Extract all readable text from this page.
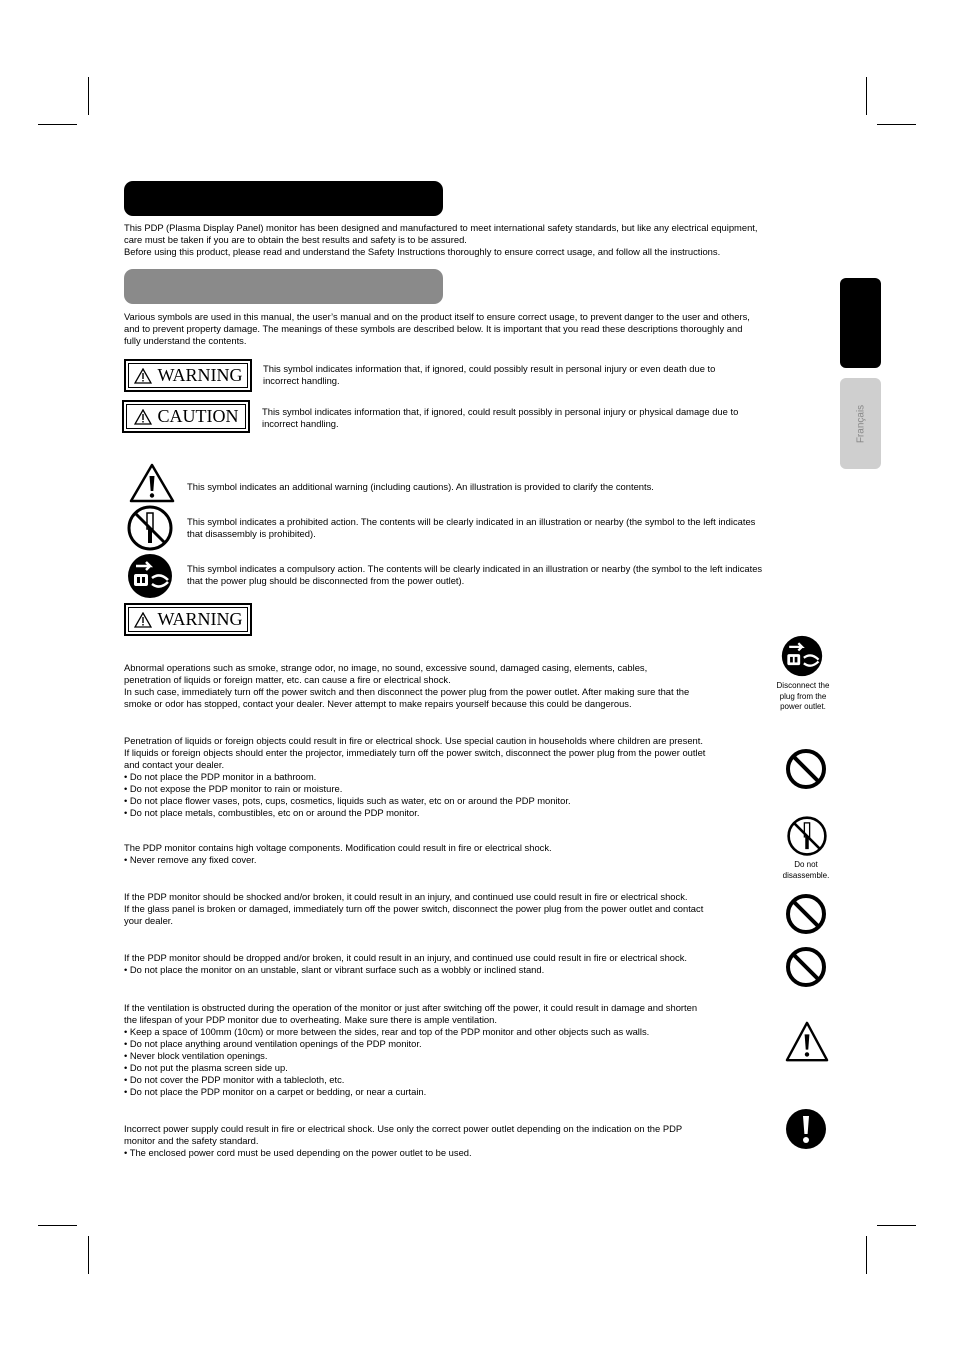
Français

This PDP (Plasma Display Panel) monitor has been designed and manufactured to meet international safety standards, but like any electrical equipment,

care must be taken if you are to obtain the best results and safety is to be assured.

Before using this product, please read and understand the Safety Instructions thoroughly to ensure correct usage, and follow all the instructions.

Various symbols are used in this manual, the user’s manual and on the product itself to ensure correct usage, to prevent danger to the user and others,

and to prevent property damage. The meanings of these symbols are described below. It is important that you read these descriptions thoroughly and

fully understand the contents.

WARNING This symbol indicates information that, if ignored, could possibly result in personal injury or even death due to

incorrect handling.

CAUTION	This symbol indicates information that, if ignored, could result possibly in personal injury or physical damage due to

incorrect handling.

This symbol indicates an additional warning (including cautions). An illustration is provided to clarify the contents.

This symbol indicates a prohibited action. The contents will be clearly indicated in an illustration or nearby (the symbol to the left indicates

that disassembly is prohibited).

This symbol indicates a compulsory action. The contents will be clearly indicated in an illustration or nearby (the symbol to the left indicates

that the power plug should be disconnected from the power outlet).

WARNING

Abnormal operations such as smoke, strange odor, no image, no sound, excessive sound, damaged casing, elements, cables,

penetration of liquids or foreign matter, etc. can cause a fire or electrical shock.

In such case, immediately turn off the power switch and then disconnect the power plug from the power outlet. After making sure that the

smoke or odor has stopped, contact your dealer. Never attempt to make repairs yourself because this could be dangerous.

Disconnect the
plug from the
power outlet.

Penetration of liquids or foreign objects could result in fire or electrical shock. Use special caution in households where children are present.

If liquids or foreign objects should enter the projector, immediately turn off the power switch, disconnect the power plug from the power outlet

and contact your dealer.

• Do not place the PDP monitor in a bathroom.
• Do not expose the PDP monitor to rain or moisture.
• Do not place flower vases, pots, cups, cosmetics, liquids such as water, etc on or around the PDP monitor.
• Do not place metals, combustibles, etc on or around the PDP monitor.

The PDP monitor contains high voltage components. Modification could result in fire or electrical shock.

• Never remove any fixed cover.	Do not
disassemble.

If the PDP monitor should be shocked and/or broken, it could result in an injury, and continued use could result in fire or electrical shock.

If the glass panel is broken or damaged, immediately turn off the power switch, disconnect the power plug from the power outlet and contact

your dealer.

If the PDP monitor should be dropped and/or broken, it could result in an injury, and continued use could result in fire or electrical shock.

• Do not place the monitor on an unstable, slant or vibrant surface such as a wobbly or inclined stand.

If the ventilation is obstructed during the operation of the monitor or just after switching off the power, it could result in damage and shorten

the lifespan of your PDP monitor due to overheating. Make sure there is ample ventilation.

• Keep a space of 100mm (10cm) or more between the sides, rear and top of the PDP monitor and other objects such as walls.
• Do not place anything around ventilation openings of the PDP monitor.
• Never block ventilation openings.
• Do not put the plasma screen side up.
• Do not cover the PDP monitor with a tablecloth, etc.
• Do not place the PDP monitor on a carpet or bedding, or near a curtain.

Incorrect power supply could result in fire or electrical shock. Use only the correct power outlet depending on the indication on the PDP

monitor and the safety standard.

• The enclosed power cord must be used depending on the power outlet to be used.
